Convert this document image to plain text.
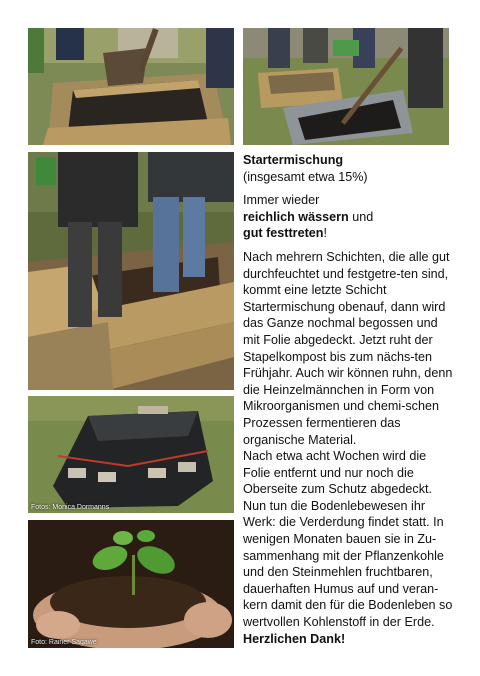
Fotos: Monica Dormanns
Foto: Rainer Sagawe

Startermischung

(insgesamt etwa 15%)

Immer wieder
reichlich wässern und
gut festtreten!

Nach mehrern Schichten, die alle gut durchfeuchtet und festgetre-ten sind, kommt eine letzte Schicht Startermischung obenauf, dann wird das Ganze nochmal begossen und mit Folie abgedeckt. Jetzt ruht der Stapelkompost bis zum nächs-ten Frühjahr. Auch wir können ruhn, denn die Heinzelmännchen in Form von Mikroorganismen und chemi-schen Prozessen fermentieren das organische Material.

Nach etwa acht Wochen wird die Folie entfernt und nur noch die Oberseite zum Schutz abgedeckt. Nun tun die Bodenlebewesen ihr Werk: die Verderdung findet statt. In wenigen Monaten bauen sie in Zu-sammenhang mit der Pflanzenkohle und den Steinmehlen fruchtbaren, dauerhaften Humus auf und veran-kern damit den für die Bodenleben so wertvollen Kohlenstoff in der Erde. Herzlichen Dank!
